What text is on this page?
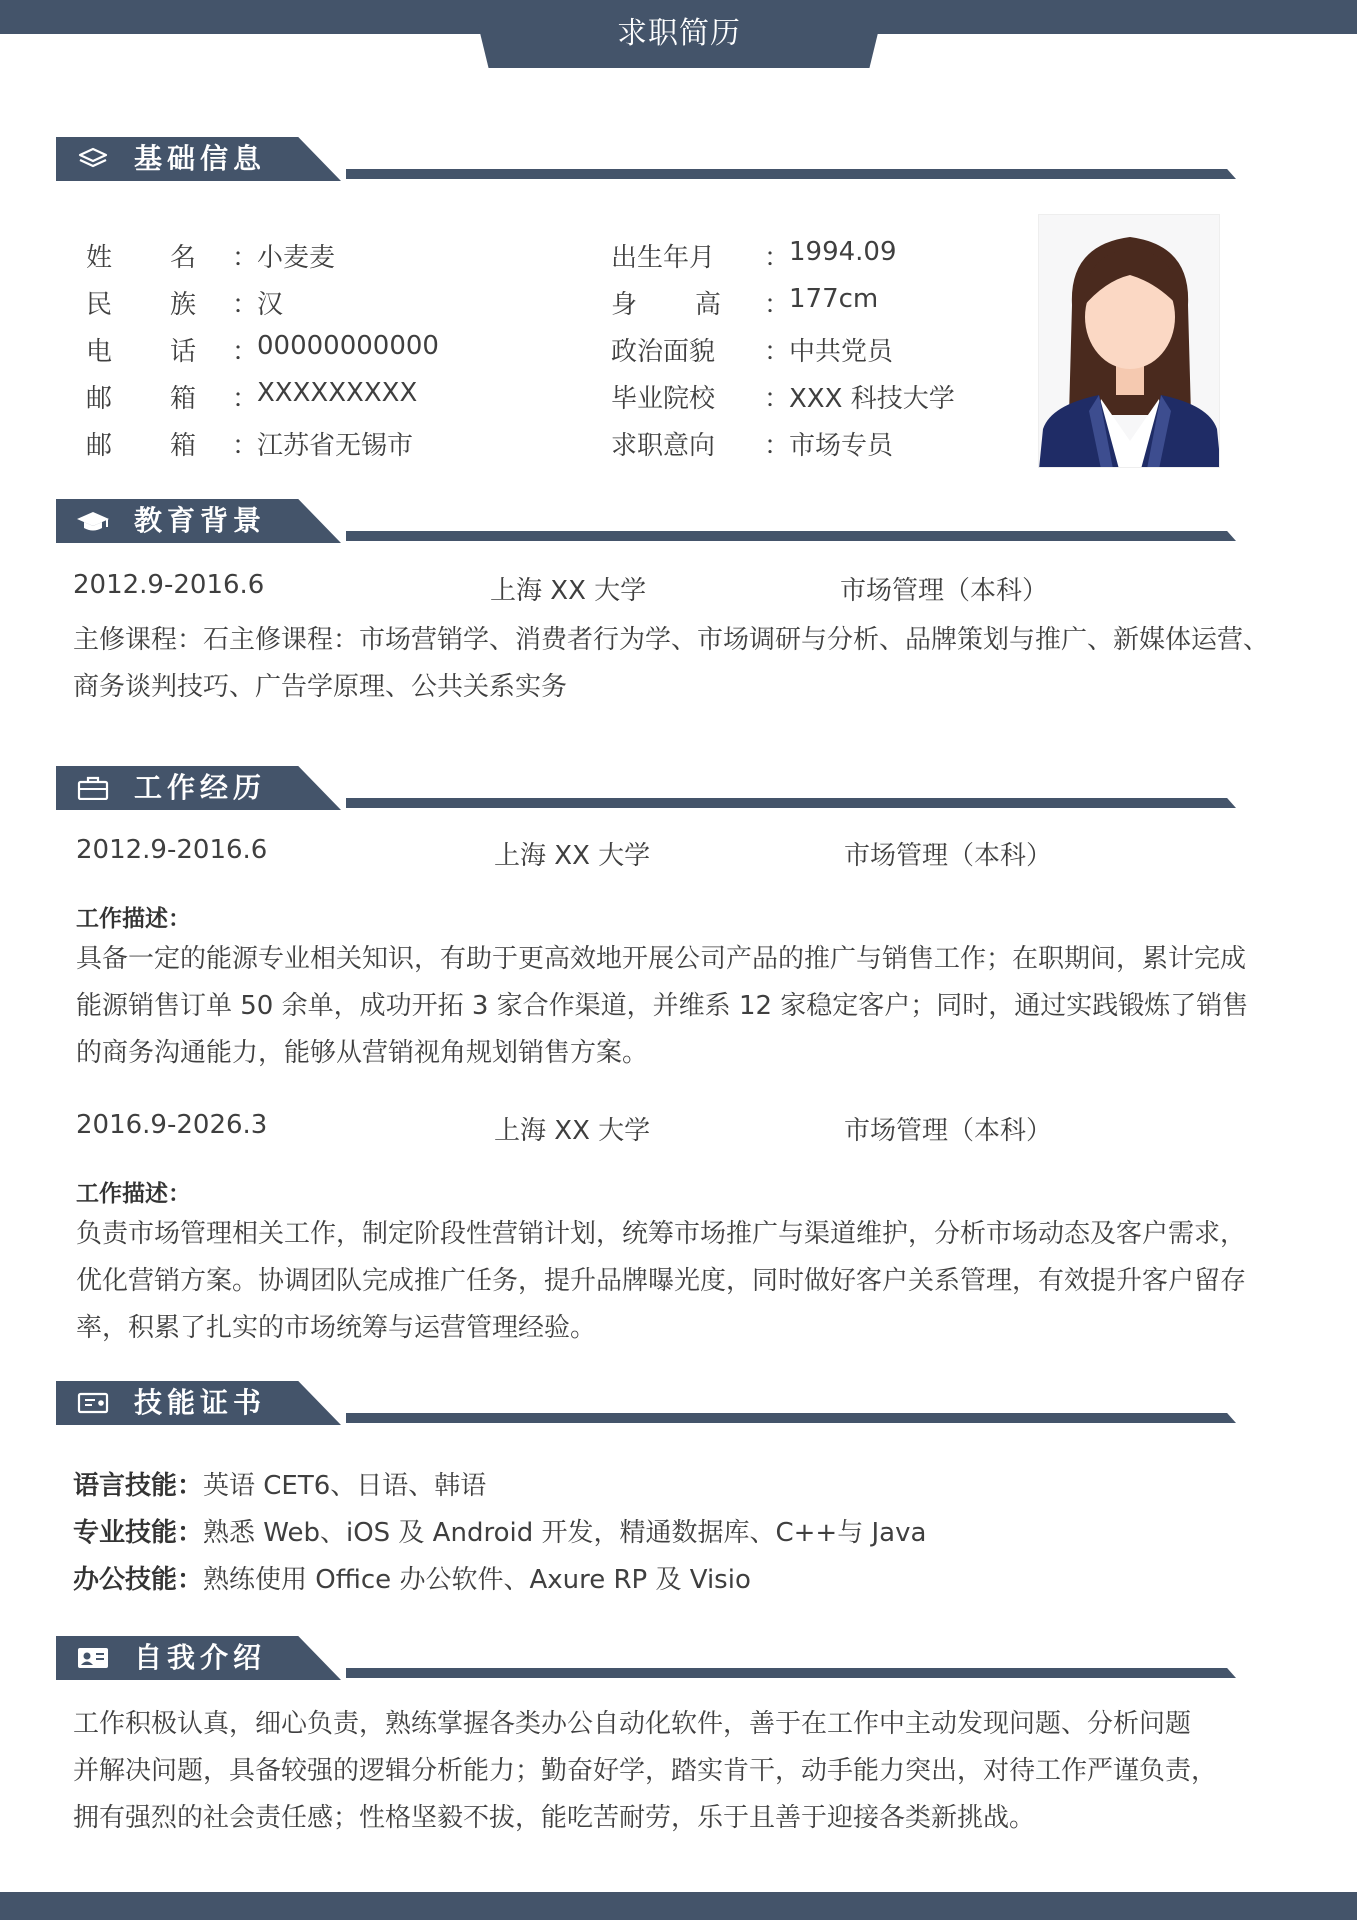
求职简历
基础信息
姓 名 ：
小麦麦
民 族 ：
汉
电 话 ：
00000000000
邮 箱 ：
XXXXXXXXX
邮 箱 ：
江苏省无锡市
出生年月 ：
1994.09
身 高 ：
177cm
政治面貌 ：
中共党员
毕业院校 ：
XXX 科技大学
求职意向 ：
市场专员
教育背景
2012.9-2016.6	上海 XX 大学	市场管理（本科）
主修课程：石主修课程：市场营销学、消费者行为学、市场调研与分析、品牌策划与推广、新媒体运营、
商务谈判技巧、广告学原理、公共关系实务
工作经历
2012.9-2016.6	上海 XX 大学	市场管理（本科）
工作描述：
具备一定的能源专业相关知识，有助于更高效地开展公司产品的推广与销售工作；在职期间，累计完成
能源销售订单 50 余单，成功开拓 3 家合作渠道，并维系 12 家稳定客户；同时，通过实践锻炼了销售
的商务沟通能力，能够从营销视角规划销售方案。
2016.9-2026.3	上海 XX 大学	市场管理（本科）
工作描述：
负责市场管理相关工作，制定阶段性营销计划，统筹市场推广与渠道维护，分析市场动态及客户需求，
优化营销方案。协调团队完成推广任务，提升品牌曝光度，同时做好客户关系管理，有效提升客户留存
率，积累了扎实的市场统筹与运营管理经验。
技能证书
语言技能：英语 CET6、日语、韩语
专业技能：熟悉 Web、iOS 及 Android 开发，精通数据库、C++与 Java
办公技能：熟练使用 Office 办公软件、Axure RP 及 Visio
自我介绍
工作积极认真，细心负责，熟练掌握各类办公自动化软件，善于在工作中主动发现问题、分析问题
并解决问题，具备较强的逻辑分析能力；勤奋好学，踏实肯干，动手能力突出，对待工作严谨负责，
拥有强烈的社会责任感；性格坚毅不拔，能吃苦耐劳，乐于且善于迎接各类新挑战。
